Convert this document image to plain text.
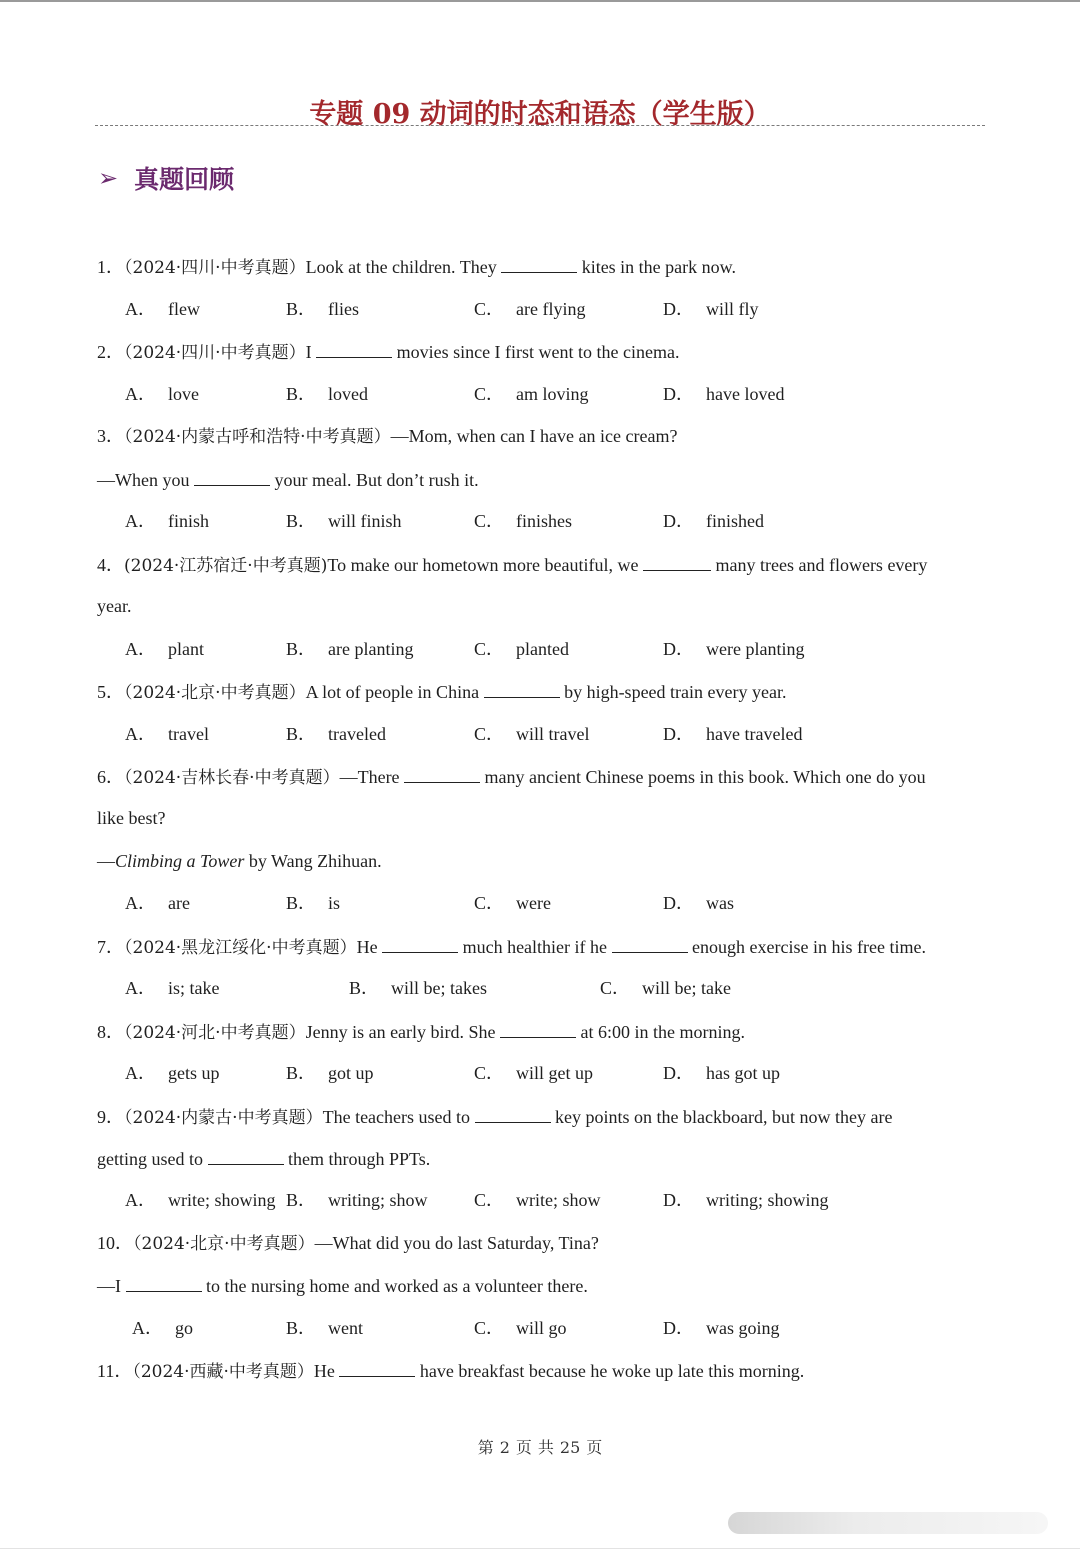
专题 09 动词的时态和语态（学生版）
➢ 真题回顾
1．（2024·四川·中考真题）Look at the children. They	kites in the park now.
A． flew	B． flies	C． are flying	D． will fly
2．（2024·四川·中考真题）I	movies since I first went to the cinema.
A． love	B． loved	C． am loving	D． have loved
3．（2024·内蒙古呼和浩特·中考真题）—Mom, when can I have an ice cream?
—When you	your meal. But don’t rush it.
A． finish	B． will finish	C． finishes	D． finished
4．(2024·江苏宿迁·中考真题)To make our hometown more beautiful, we	many trees and flowers every
year.
A． plant	B． are planting	C． planted	D． were planting
5．（2024·北京·中考真题）A lot of people in China	by high-speed train every year.
A． travel	B． traveled	C． will travel	D． have traveled
6．（2024·吉林长春·中考真题）—There	many ancient Chinese poems in this book. Which one do you
like best?
—Climbing a Tower by Wang Zhihuan.
A． are	B． is	C． were	D． was
7．（2024·黑龙江绥化·中考真题）He	much healthier if he	enough exercise in his free time.
A． is; take	B． will be; takes	C． will be; take
8．（2024·河北·中考真题）Jenny is an early bird. She	at 6:00 in the morning.
A． gets up	B． got up	C． will get up	D． has got up
9．（2024·内蒙古·中考真题）The teachers used to	key points on the blackboard, but now they are
getting used to	them through PPTs.
A． write; showing B． writing; show	C． write; show	D． writing; showing
10．（2024·北京·中考真题）—What did you do last Saturday, Tina?
—I	to the nursing home and worked as a volunteer there.
A． go	B． went	C． will go	D． was going
11．（2024·西藏·中考真题）He	have breakfast because he woke up late this morning.
第 2 页 共 25 页
